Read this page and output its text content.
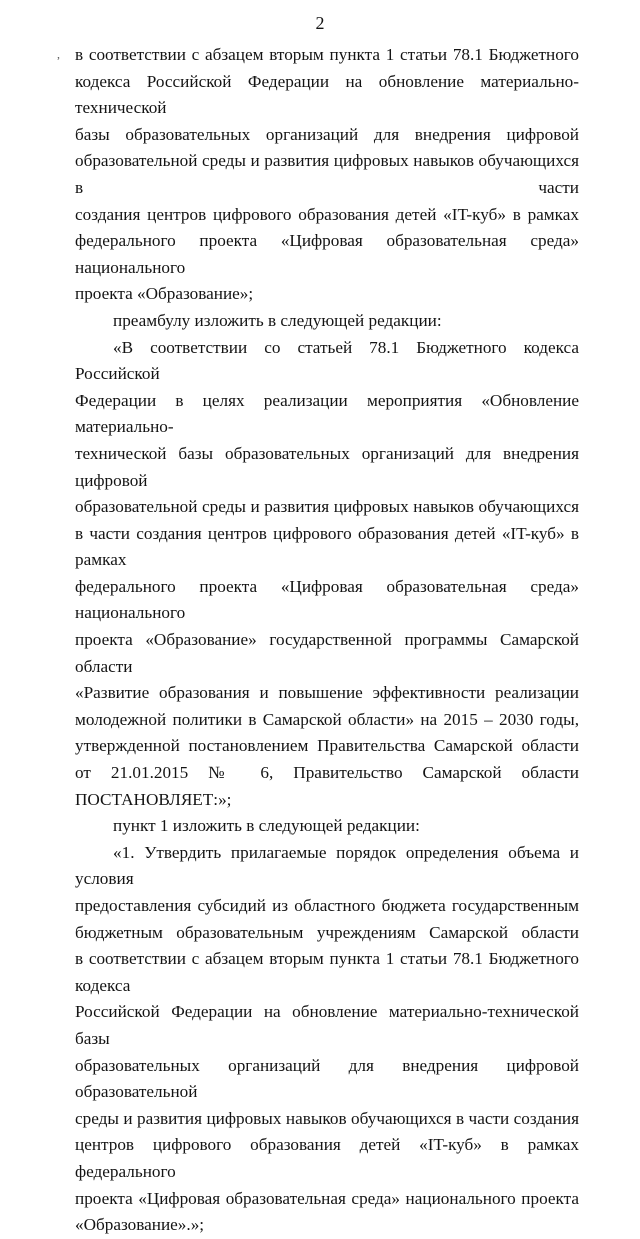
2
, в соответствии с абзацем вторым пункта 1 статьи 78.1 Бюджетного

кодекса Российской Федерации на обновление материально-технической

базы образовательных организаций для внедрения цифровой

образовательной среды и развития цифровых навыков обучающихся в части

создания центров цифрового образования детей «IT-куб» в рамках

федерального проекта «Цифровая образовательная среда» национального

проекта «Образование»;

преамбулу изложить в следующей редакции:

«В соответствии со статьей 78.1 Бюджетного кодекса Российской

Федерации в целях реализации мероприятия «Обновление материально-

технической базы образовательных организаций для внедрения цифровой

образовательной среды и развития цифровых навыков обучающихся

в части создания центров цифрового образования детей «IT-куб» в рамках

федерального проекта «Цифровая образовательная среда» национального

проекта «Образование» государственной программы Самарской области

«Развитие образования и повышение эффективности реализации

молодежной политики в Самарской области» на 2015 – 2030 годы,

утвержденной постановлением Правительства Самарской области

от 21.01.2015 № 6, Правительство Самарской области ПОСТАНОВЛЯЕТ:»;

пункт 1 изложить в следующей редакции:

«1. Утвердить прилагаемые порядок определения объема и условия

предоставления субсидий из областного бюджета государственным

бюджетным образовательным учреждениям Самарской области

в соответствии с абзацем вторым пункта 1 статьи 78.1 Бюджетного кодекса

Российской Федерации на обновление материально-технической базы

образовательных организаций для внедрения цифровой образовательной

среды и развития цифровых навыков обучающихся в части создания

центров цифрового образования детей «IT-куб» в рамках федерального

проекта «Цифровая образовательная среда» национального проекта

«Образование».»;
